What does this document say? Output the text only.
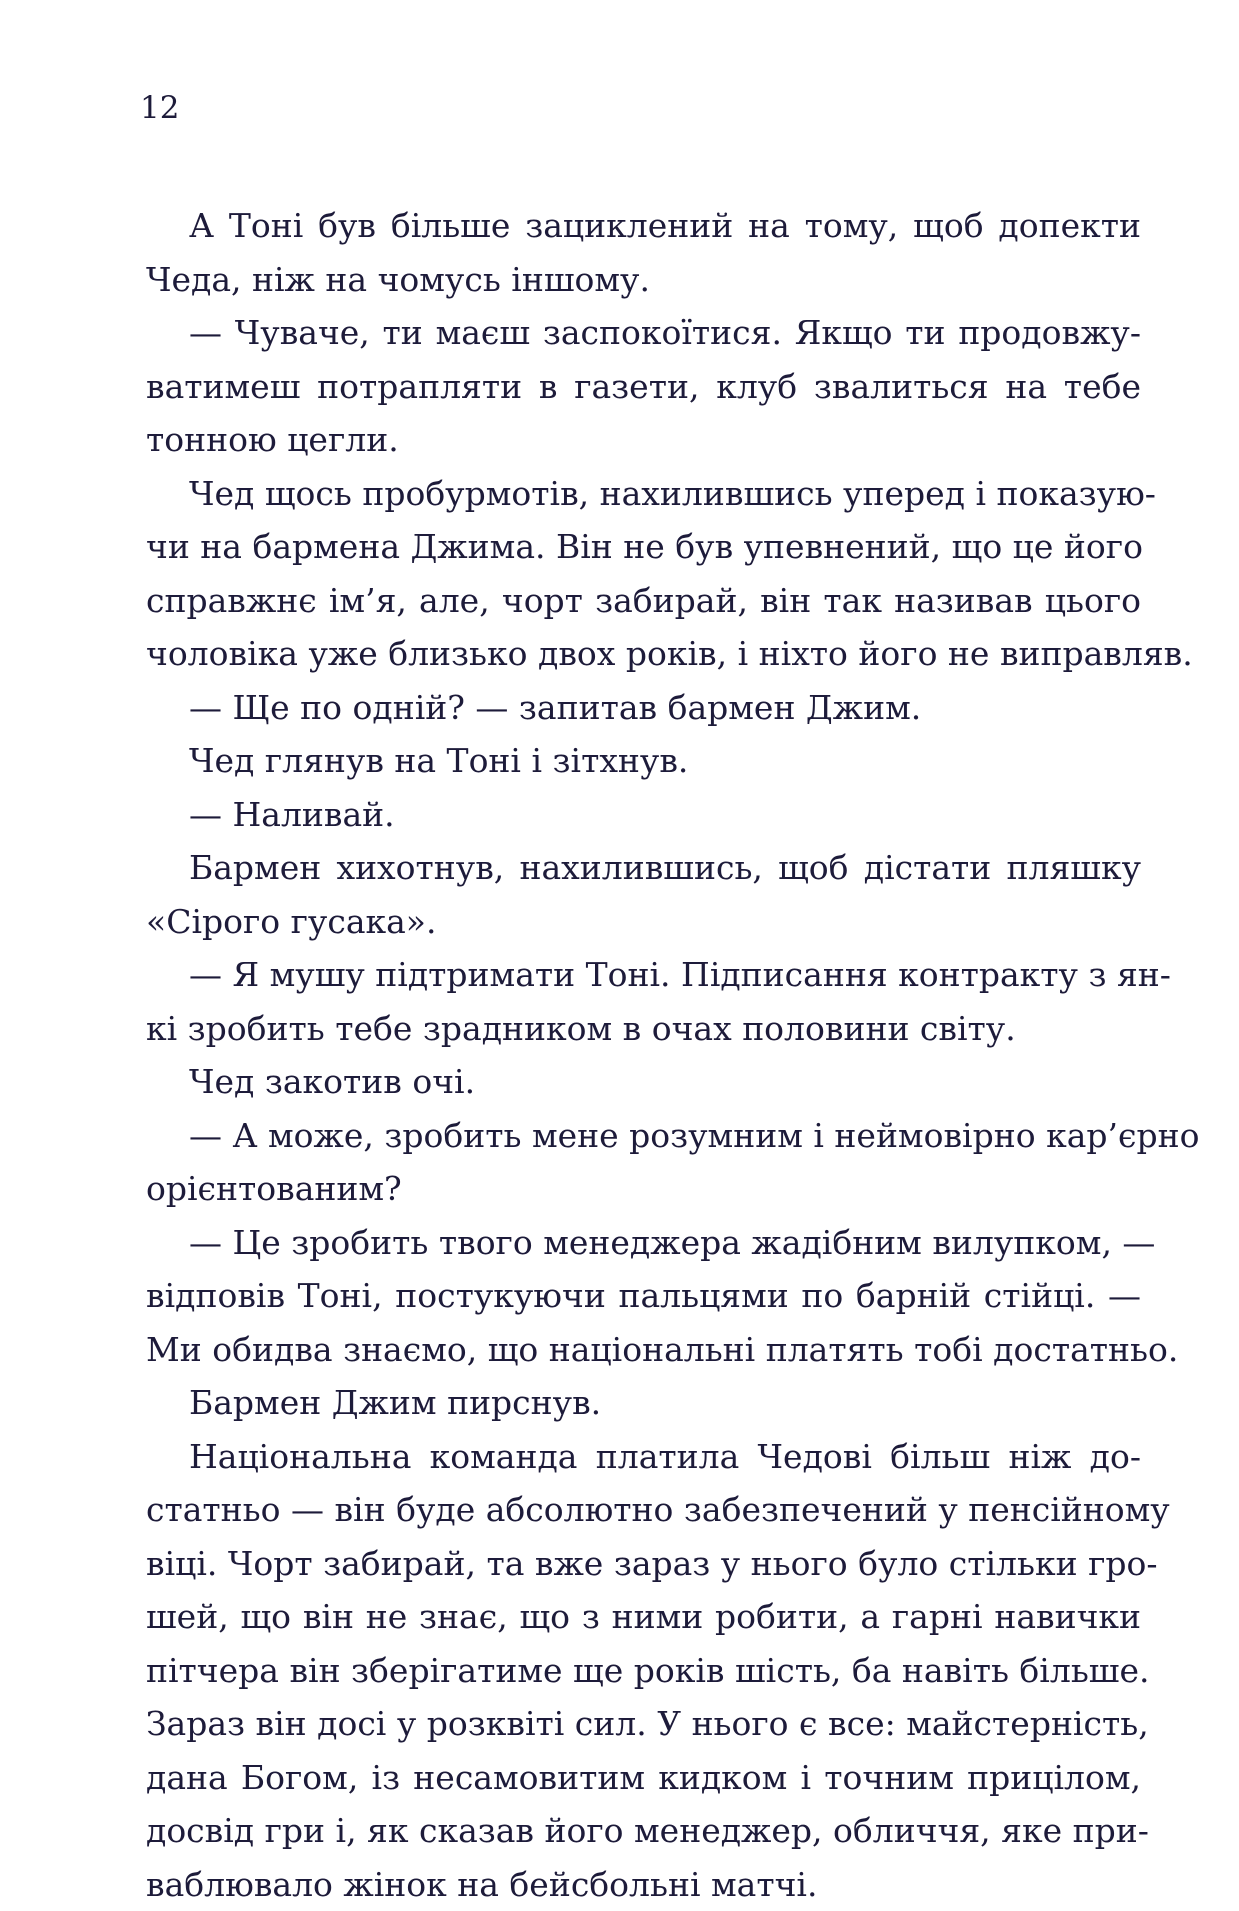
12
А Тоні був більше зациклений на тому, щоб допекти
Чеда, ніж на чомусь іншому.
— Чуваче, ти маєш заспокоїтися. Якщо ти продовжу-
ватимеш потрапляти в газети, клуб звалиться на тебе
тонною цегли.
Чед щось пробурмотів, нахилившись уперед і показую-
чи на бармена Джима. Він не був упевнений, що це його
справжнє ім’я, але, чорт забирай, він так називав цього
чоловіка уже близько двох років, і ніхто його не виправляв.
— Ще по одній? — запитав бармен Джим.
Чед глянув на Тоні і зітхнув.
— Наливай.
Бармен хихотнув, нахилившись, щоб дістати пляшку
«Сірого гусака».
— Я мушу підтримати Тоні. Підписання контракту з ян-
кі зробить тебе зрадником в очах половини світу.
Чед закотив очі.
— А може, зробить мене розумним і неймовірно кар’єрно
орієнтованим?
— Це зробить твого менеджера жадібним вилупком, —
відповів Тоні, постукуючи пальцями по барній стійці. —
Ми обидва знаємо, що національні платять тобі достатньо.
Бармен Джим пирснув.
Національна команда платила Чедові більш ніж до-
статньо — він буде абсолютно забезпечений у пенсійному
віці. Чорт забирай, та вже зараз у нього було стільки гро-
шей, що він не знає, що з ними робити, а гарні навички
пітчера він зберігатиме ще років шість, ба навіть більше.
Зараз він досі у розквіті сил. У нього є все: майстерність,
дана Богом, із несамовитим кидком і точним прицілом,
досвід гри і, як сказав його менеджер, обличчя, яке при-
ваблювало жінок на бейсбольні матчі.
